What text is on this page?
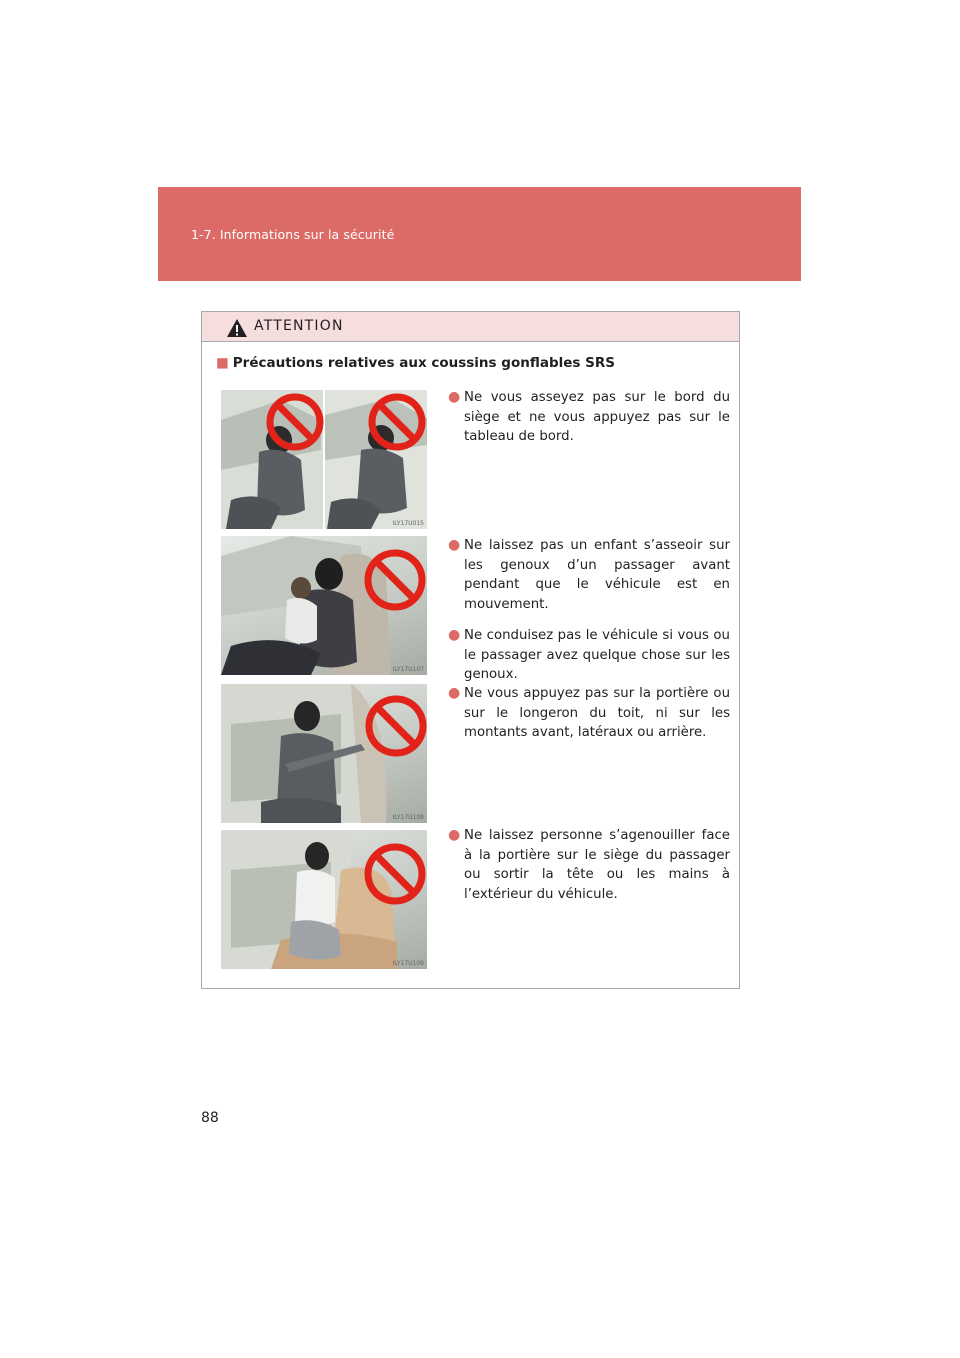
1-7. Informations sur la sécurité
ATTENTION
■ Précautions relatives aux coussins gonflables SRS
ILY17U015
● Ne vous asseyez pas sur le bord du siège et ne vous appuyez pas sur le tableau de bord.
ILY17U107
● Ne laissez pas un enfant s’asseoir sur les genoux d’un passager avant pendant que le véhicule est en mouvement.
● Ne conduisez pas le véhicule si vous ou le passager avez quelque chose sur les genoux.
ILY17U108
● Ne vous appuyez pas sur la portière ou sur le longeron du toit, ni sur les montants avant, latéraux ou arrière.
ILY17U109
● Ne laissez personne s’agenouiller face à la portière sur le siège du passager ou sortir la tête ou les mains à l’extérieur du véhicule.
88
